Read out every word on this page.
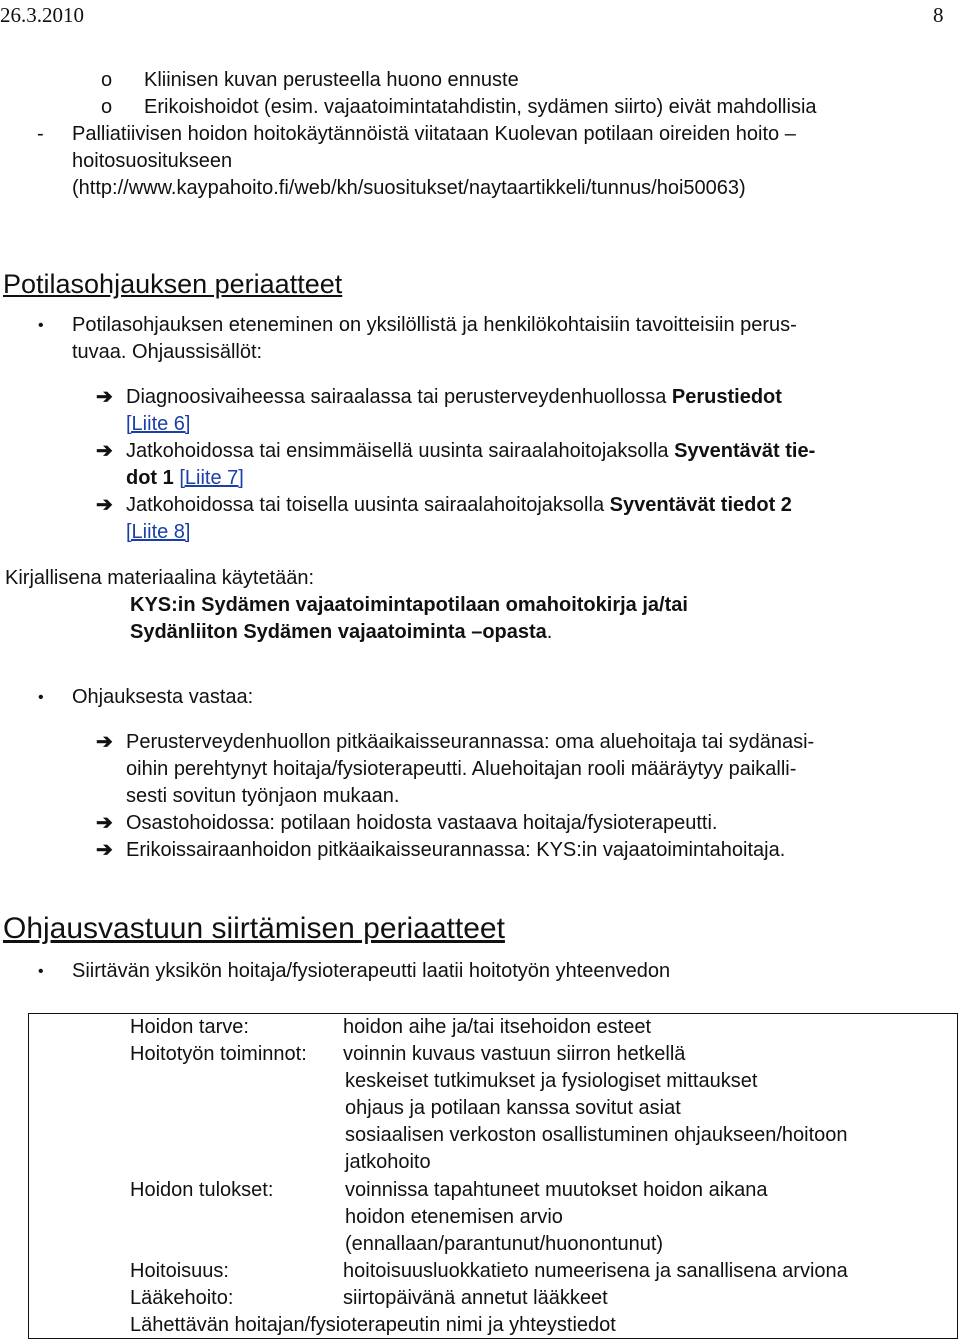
26.3.2010	8
o Kliinisen kuvan perusteella huono ennuste
o Erikoishoidot (esim. vajaatoimintatahdistin, sydämen siirto) eivät mahdollisia
- Palliatiivisen hoidon hoitokäytännöistä viitataan Kuolevan potilaan oireiden hoito –
hoitosuositukseen
(http://www.kaypahoito.fi/web/kh/suositukset/naytaartikkeli/tunnus/hoi50063)
Potilasohjauksen periaatteet
• Potilasohjauksen eteneminen on yksilöllistä ja henkilökohtaisiin tavoitteisiin perus-
tuvaa. Ohjaussisällöt:
➔ Diagnoosivaiheessa sairaalassa tai perusterveydenhuollossa Perustiedot
[Liite 6]
➔ Jatkohoidossa tai ensimmäisellä uusinta sairaalahoitojaksolla Syventävät tie-
dot 1 [Liite 7]
➔ Jatkohoidossa tai toisella uusinta sairaalahoitojaksolla Syventävät tiedot 2
[Liite 8]
Kirjallisena materiaalina käytetään:
KYS:in Sydämen vajaatoimintapotilaan omahoitokirja ja/tai
Sydänliiton Sydämen vajaatoiminta –opasta.
• Ohjauksesta vastaa:
➔ Perusterveydenhuollon pitkäaikaisseurannassa: oma aluehoitaja tai sydänasi-
oihin perehtynyt hoitaja/fysioterapeutti. Aluehoitajan rooli määräytyy paikalli-
sesti sovitun työnjaon mukaan.
➔ Osastohoidossa: potilaan hoidosta vastaava hoitaja/fysioterapeutti.
➔ Erikoissairaanhoidon pitkäaikaisseurannassa: KYS:in vajaatoimintahoitaja.
Ohjausvastuun siirtämisen periaatteet
• Siirtävän yksikön hoitaja/fysioterapeutti laatii hoitotyön yhteenvedon
Hoidon tarve:	hoidon aihe ja/tai itsehoidon esteet
Hoitotyön toiminnot: voinnin kuvaus vastuun siirron hetkellä
keskeiset tutkimukset ja fysiologiset mittaukset
ohjaus ja potilaan kanssa sovitut asiat
sosiaalisen verkoston osallistuminen ohjaukseen/hoitoon
jatkohoito
Hoidon tulokset:	voinnissa tapahtuneet muutokset hoidon aikana
hoidon etenemisen arvio
(ennallaan/parantunut/huonontunut)
Hoitoisuus:	hoitoisuusluokkatieto numeerisena ja sanallisena arviona
Lääkehoito:	siirtopäivänä annetut lääkkeet
Lähettävän hoitajan/fysioterapeutin nimi ja yhteystiedot
